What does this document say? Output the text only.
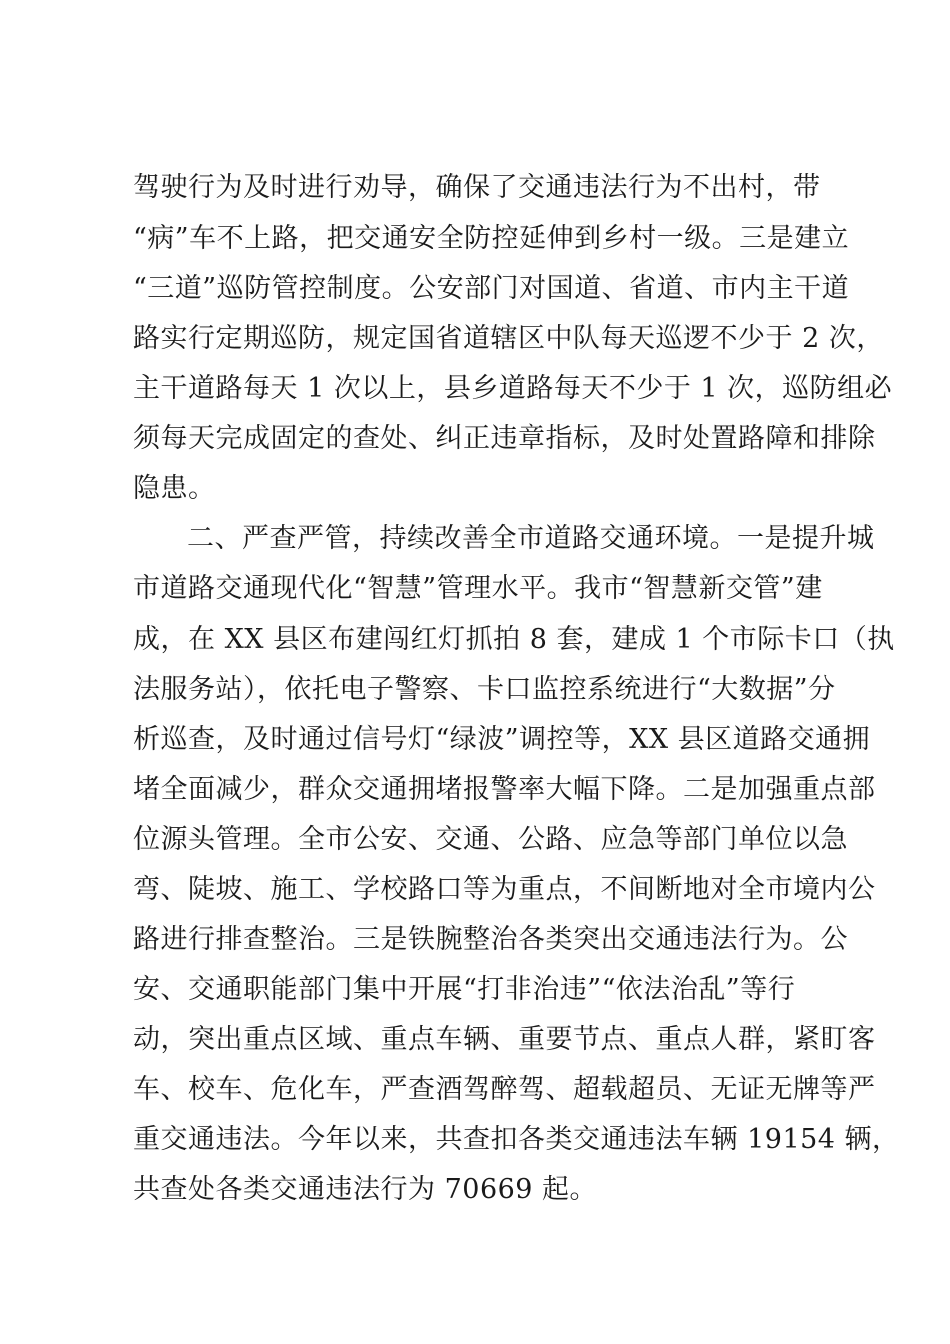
驾驶行为及时进行劝导，确保了交通违法行为不出村，带
“病”车不上路，把交通安全防控延伸到乡村一级。三是建立
“三道”巡防管控制度。公安部门对国道、省道、市内主干道
路实行定期巡防，规定国省道辖区中队每天巡逻不少于 2 次，
主干道路每天 1 次以上，县乡道路每天不少于 1 次，巡防组必
须每天完成固定的查处、纠正违章指标，及时处置路障和排除
隐患。
二、严查严管，持续改善全市道路交通环境。一是提升城
市道路交通现代化“智慧”管理水平。我市“智慧新交管”建
成，在 XX 县区布建闯红灯抓拍 8 套，建成 1 个市际卡口（执
法服务站），依托电子警察、卡口监控系统进行“大数据”分
析巡查，及时通过信号灯“绿波”调控等，XX 县区道路交通拥
堵全面减少，群众交通拥堵报警率大幅下降。二是加强重点部
位源头管理。全市公安、交通、公路、应急等部门单位以急
弯、陡坡、施工、学校路口等为重点，不间断地对全市境内公
路进行排查整治。三是铁腕整治各类突出交通违法行为。公
安、交通职能部门集中开展“打非治违”“依法治乱”等行
动，突出重点区域、重点车辆、重要节点、重点人群，紧盯客
车、校车、危化车，严查酒驾醉驾、超载超员、无证无牌等严
重交通违法。今年以来，共查扣各类交通违法车辆 19154 辆，
共查处各类交通违法行为 70669 起。
